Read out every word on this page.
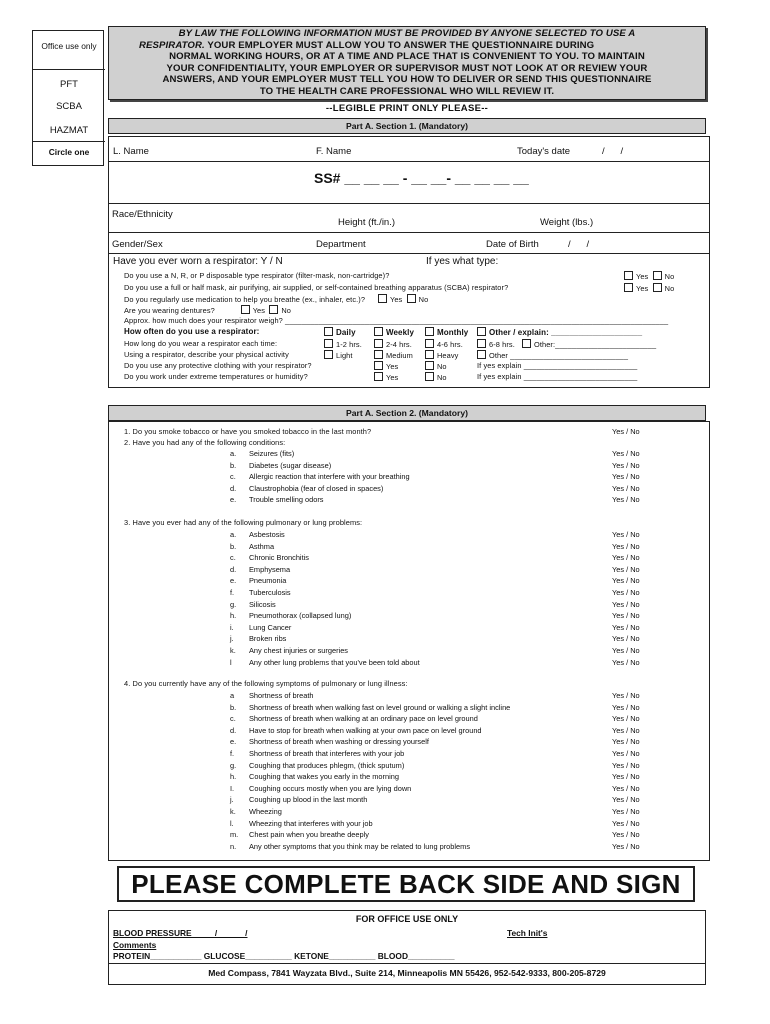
Office use only
PFT
SCBA
HAZMAT
Circle one
BY LAW THE FOLLOWING INFORMATION MUST BE PROVIDED BY ANYONE SELECTED TO USE A
RESPIRATOR. YOUR EMPLOYER MUST ALLOW YOU TO ANSWER THE QUESTIONNAIRE DURING
NORMAL WORKING HOURS, OR AT A TIME AND PLACE THAT IS CONVENIENT TO YOU. TO MAINTAIN
YOUR CONFIDENTIALITY, YOUR EMPLOYER OR SUPERVISOR MUST NOT LOOK AT OR REVIEW YOUR
ANSWERS, AND YOUR EMPLOYER MUST TELL YOU HOW TO DELIVER OR SEND THIS QUESTIONNAIRE
TO THE HEALTH CARE PROFESSIONAL WHO WILL REVIEW IT.
--LEGIBLE PRINT ONLY PLEASE--
Part A. Section 1. (Mandatory)
L. Name	F. Name	Today's date	/      /
SS# __ __ __ - __ __- __ __ __ __
Race/Ethnicity
Height (ft./in.)	Weight (lbs.)
Gender/Sex	Department	Date of Birth	/      /
Have you ever worn a respirator: Y / N	If yes what type:
Do you use a N, R, or P disposable type respirator (filter-mask, non-cartridge)?	Yes No
Do you use a full or half mask, air purifying, air supplied, or self-contained breathing apparatus (SCBA) respirator?	Yes No
Do you regularly use medication to help you breathe (ex., inhaler, etc.)?	Yes No
Are you wearing dentures?	Yes No
Approx. how much does your respirator weigh? ___________________________________________________________________________________________
How often do you use a respirator:	Daily	Weekly	Monthly	Other / explain: ____________________
How long do you wear a respirator each time:	1-2 hrs.	2-4 hrs.	4-6 hrs.	6-8 hrs.	Other:________________________
Using a respirator, describe your physical activity	Light	Medium	Heavy	Other ____________________________
Do you use any protective clothing with your respirator?	Yes	No	If yes explain ___________________________
Do you work under extreme temperatures or humidity?	Yes	No	If yes explain ___________________________
Part A. Section 2. (Mandatory)
1. Do you smoke tobacco or have you smoked tobacco in the last month?	Yes / No
2. Have you had any of the following conditions:
a.	Seizures (fits)	Yes / No
b.	Diabetes (sugar disease)	Yes / No
c.	Allergic reaction that interfere with your breathing	Yes / No
d.	Claustrophobia (fear of closed in spaces)	Yes / No
e.	Trouble smelling odors	Yes / No
3. Have you ever had any of the following pulmonary or lung problems:
a.	Asbestosis	Yes / No
b.	Asthma	Yes / No
c.	Chronic Bronchitis	Yes / No
d.	Emphysema	Yes / No
e.	Pneumonia	Yes / No
f.	Tuberculosis	Yes / No
g.	Silicosis	Yes / No
h.	Pneumothorax (collapsed lung)	Yes / No
i.	Lung Cancer	Yes / No
j.	Broken ribs	Yes / No
k.	Any chest injuries or surgeries	Yes / No
l	Any other lung problems that you've been told about	Yes / No
4. Do you currently have any of the following symptoms of pulmonary or lung illness:
a	Shortness of breath	Yes / No
b.	Shortness of breath when walking fast on level ground or walking a slight incline	Yes / No
c.	Shortness of breath when walking at an ordinary pace on level ground	Yes / No
d.	Have to stop for breath when walking at your own pace on level ground	Yes / No
e.	Shortness of breath when washing or dressing yourself	Yes / No
f.	Shortness of breath that interferes with your job	Yes / No
g.	Coughing that produces phlegm, (thick sputum)	Yes / No
h.	Coughing that wakes you early in the morning	Yes / No
I.	Coughing occurs mostly when you are lying down	Yes / No
j.	Coughing up blood in the last month	Yes / No
k.	Wheezing	Yes / No
l.	Wheezing that interferes with your job	Yes / No
m.	Chest pain when you breathe deeply	Yes / No
n.	Any other symptoms that you think may be related to lung problems	Yes / No
PLEASE COMPLETE BACK SIDE AND SIGN
FOR OFFICE USE ONLY
BLOOD PRESSURE          /            /	Tech Init's
Comments
PROTEIN___________ GLUCOSE__________ KETONE__________ BLOOD__________
Med Compass, 7841 Wayzata Blvd., Suite 214, Minneapolis MN 55426, 952-542-9333, 800-205-8729
